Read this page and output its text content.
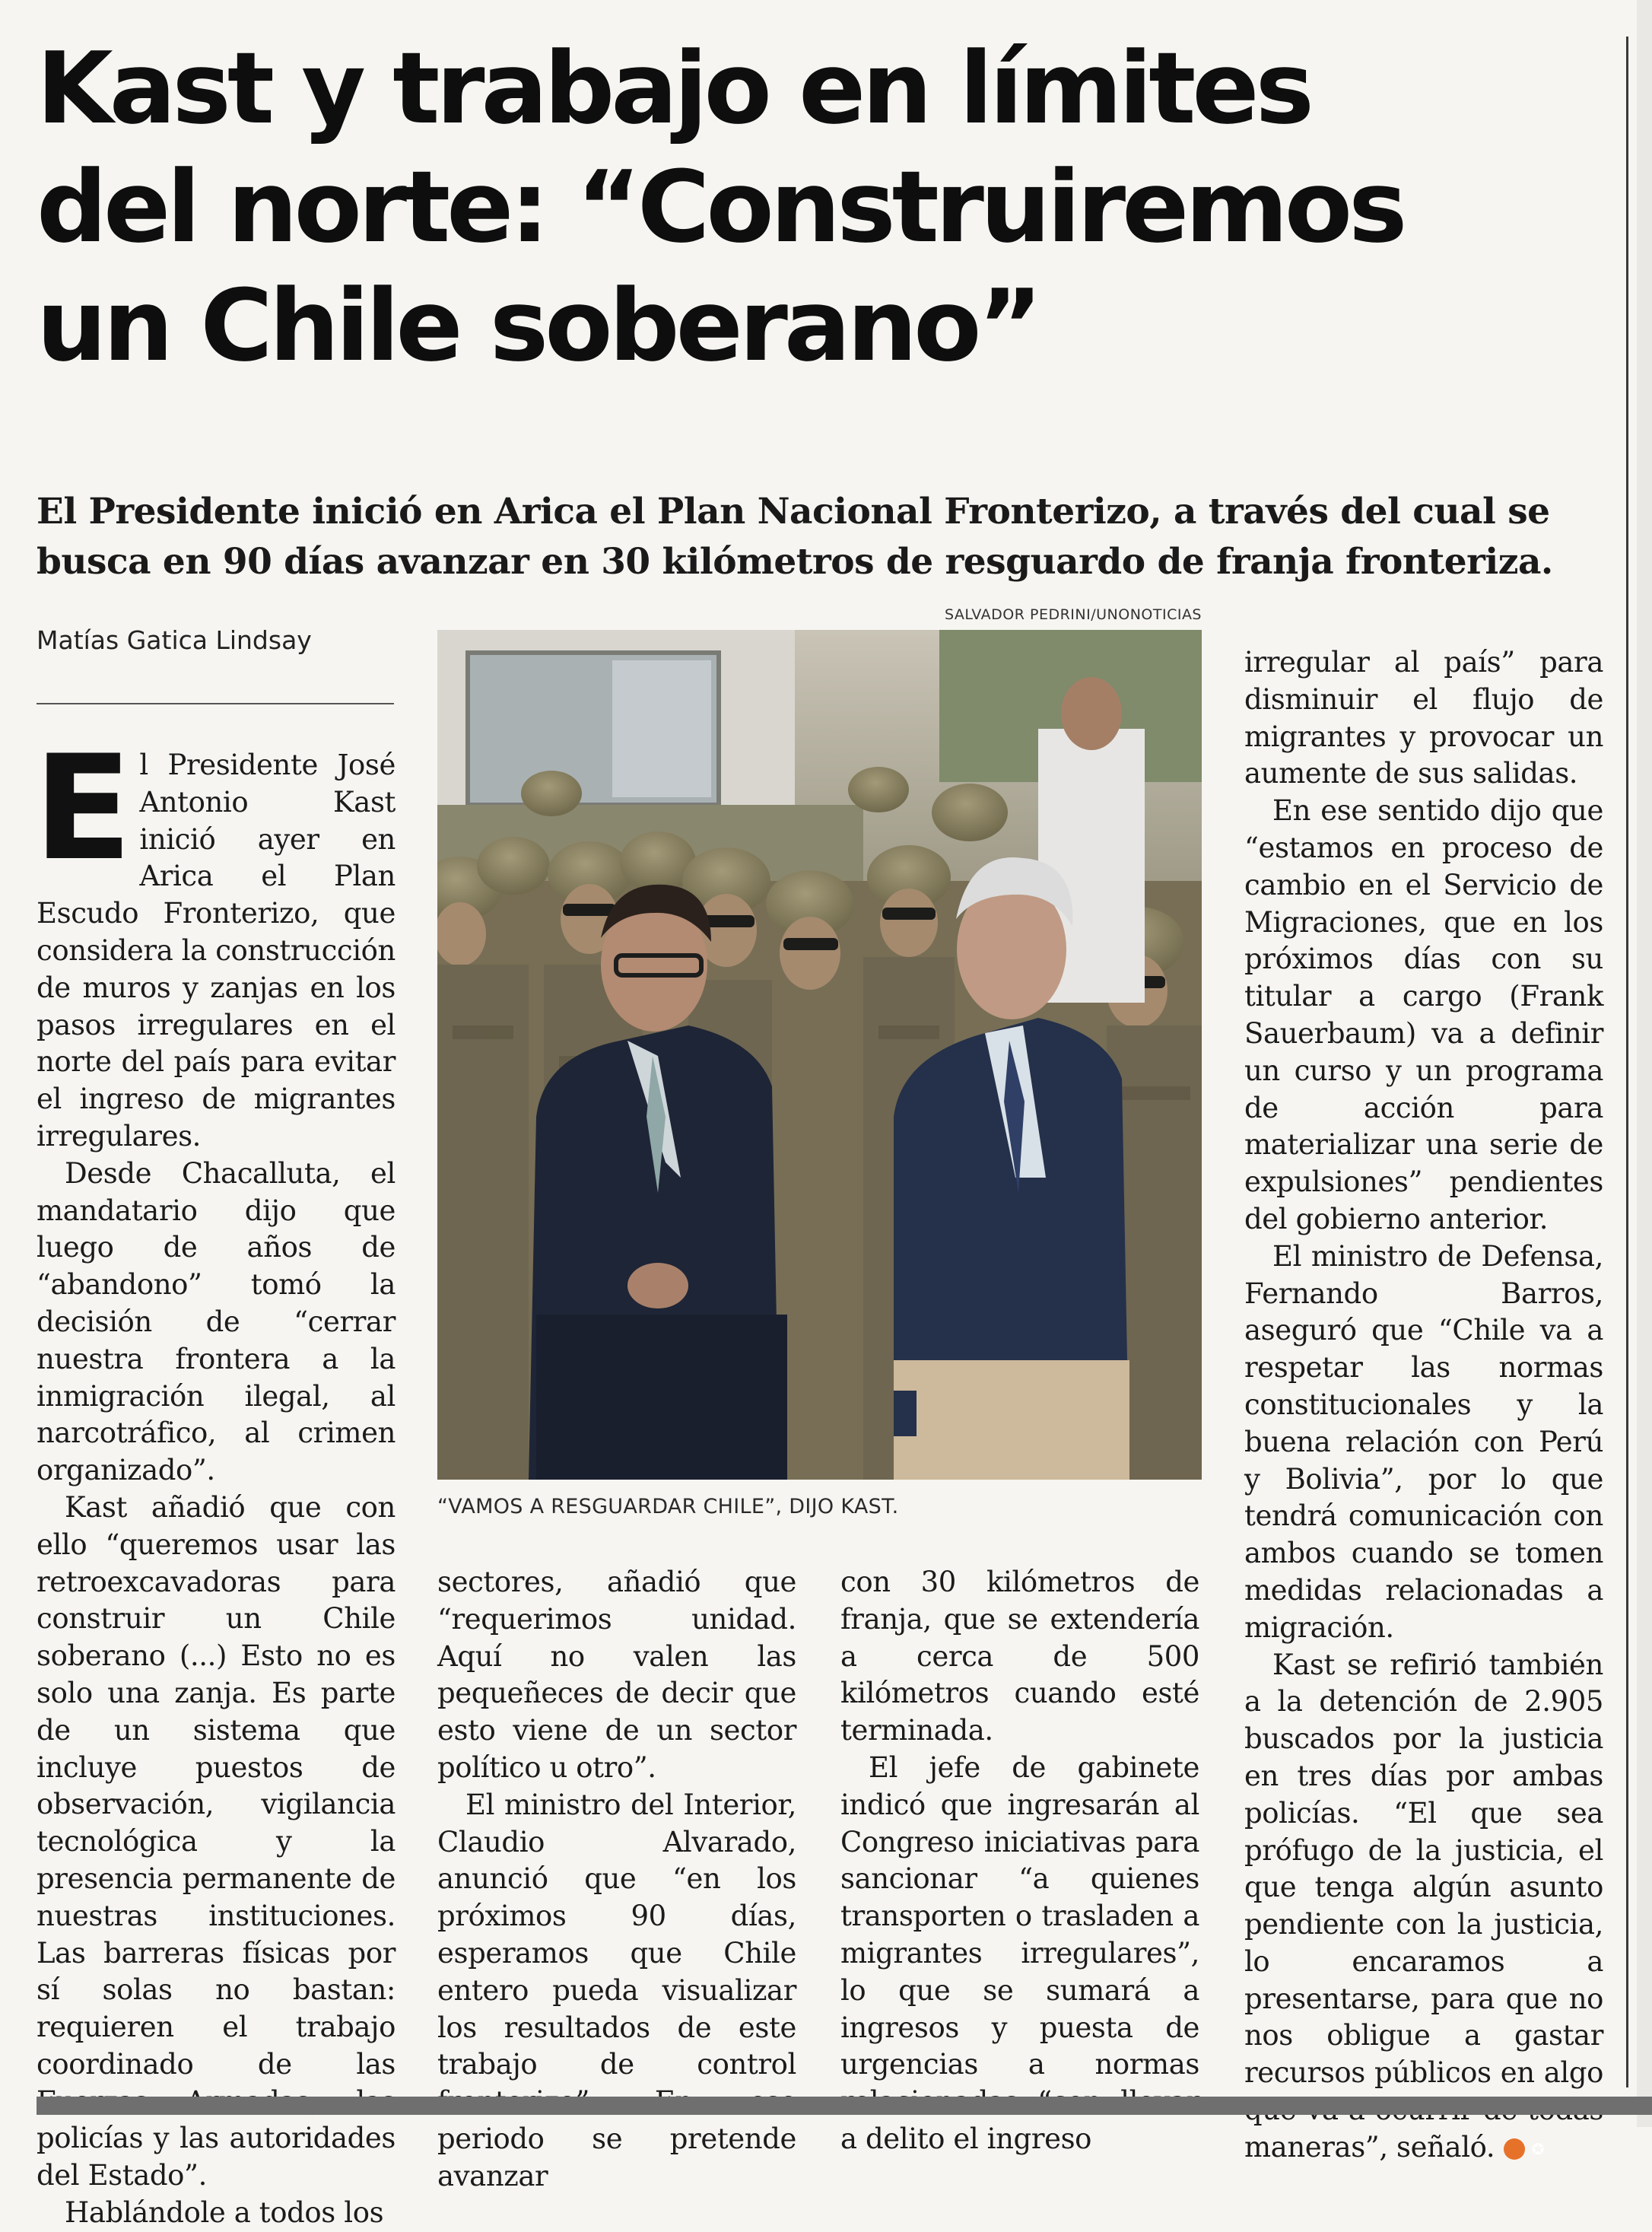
Kast y trabajo en límites
del norte: “Construiremos
un Chile soberano”
El Presidente inició en Arica el Plan Nacional Fronterizo, a través del cual se
busca en 90 días avanzar en 30 kilómetros de resguardo de franja fronteriza.
Matías Gatica Lindsay
SALVADOR PEDRINI/UNONOTICIAS
“VAMOS A RESGUARDAR CHILE”, DIJO KAST.

El Presidente José Antonio Kast inició ayer en Arica el Plan Escudo Fronterizo, que considera la construcción de muros y zanjas en los pasos irregulares en el norte del país para evitar el ingreso de migrantes irregulares.

Desde Chacalluta, el mandatario dijo que luego de años de “abandono” tomó la decisión de “cerrar nuestra frontera a la inmigración ilegal, al narcotráfico, al crimen organizado”.

Kast añadió que con ello “queremos usar las retroexcavadoras para construir un Chile soberano (...) Esto no es solo una zanja. Es parte de un sistema que incluye puestos de observación, vigilancia tecnológica y la presencia permanente de nuestras instituciones. Las barreras físicas por sí solas no bastan: requieren el trabajo coordinado de las policías y las autoridades del Estado”.

Hablándole a todos los

sectores, añadió que “requerimos unidad. Aquí no valen las pequeñeces de decir que esto viene de un sector político u otro”.

El ministro del Interior, Claudio Alvarado, anunció que “en los próximos 90 días, esperamos que Chile entero pueda visualizar los resultados de este trabajo de control periodo se pretende avanzar

con 30 kilómetros de franja, que se extendería a cerca de 500 kilómetros cuando esté terminada.

El jefe de gabinete indicó que ingresarán al Congreso iniciativas para sancionar “a quienes transporten o trasladen a migrantes irregulares”, lo que se sumará a ingresos y puesta de urgencias a normas a delito el ingreso

irregular al país” para disminuir el flujo de migrantes y provocar un aumente de sus salidas.

En ese sentido dijo que “estamos en proceso de cambio en el Servicio de Migraciones, que en los próximos días con su titular a cargo (Frank Sauerbaum) va a definir un curso y un programa de acción para materializar una serie de expulsiones” pendientes del gobierno anterior.

El ministro de Defensa, Fernando Barros, aseguró que “Chile va a respetar las normas constitucionales y la buena relación con Perú y Bolivia”, por lo que tendrá comunicación con ambos cuando se tomen medidas relacionadas a migración.

Kast se refirió también a la detención de 2.905 buscados por la justicia en tres días por ambas policías. “El que sea prófugo de la justicia, el que tenga algún asunto pendiente con la justicia, lo encaramos a presentarse, para que no nos obligue a gastar recursos públicos en algo maneras”, señaló. ✪
